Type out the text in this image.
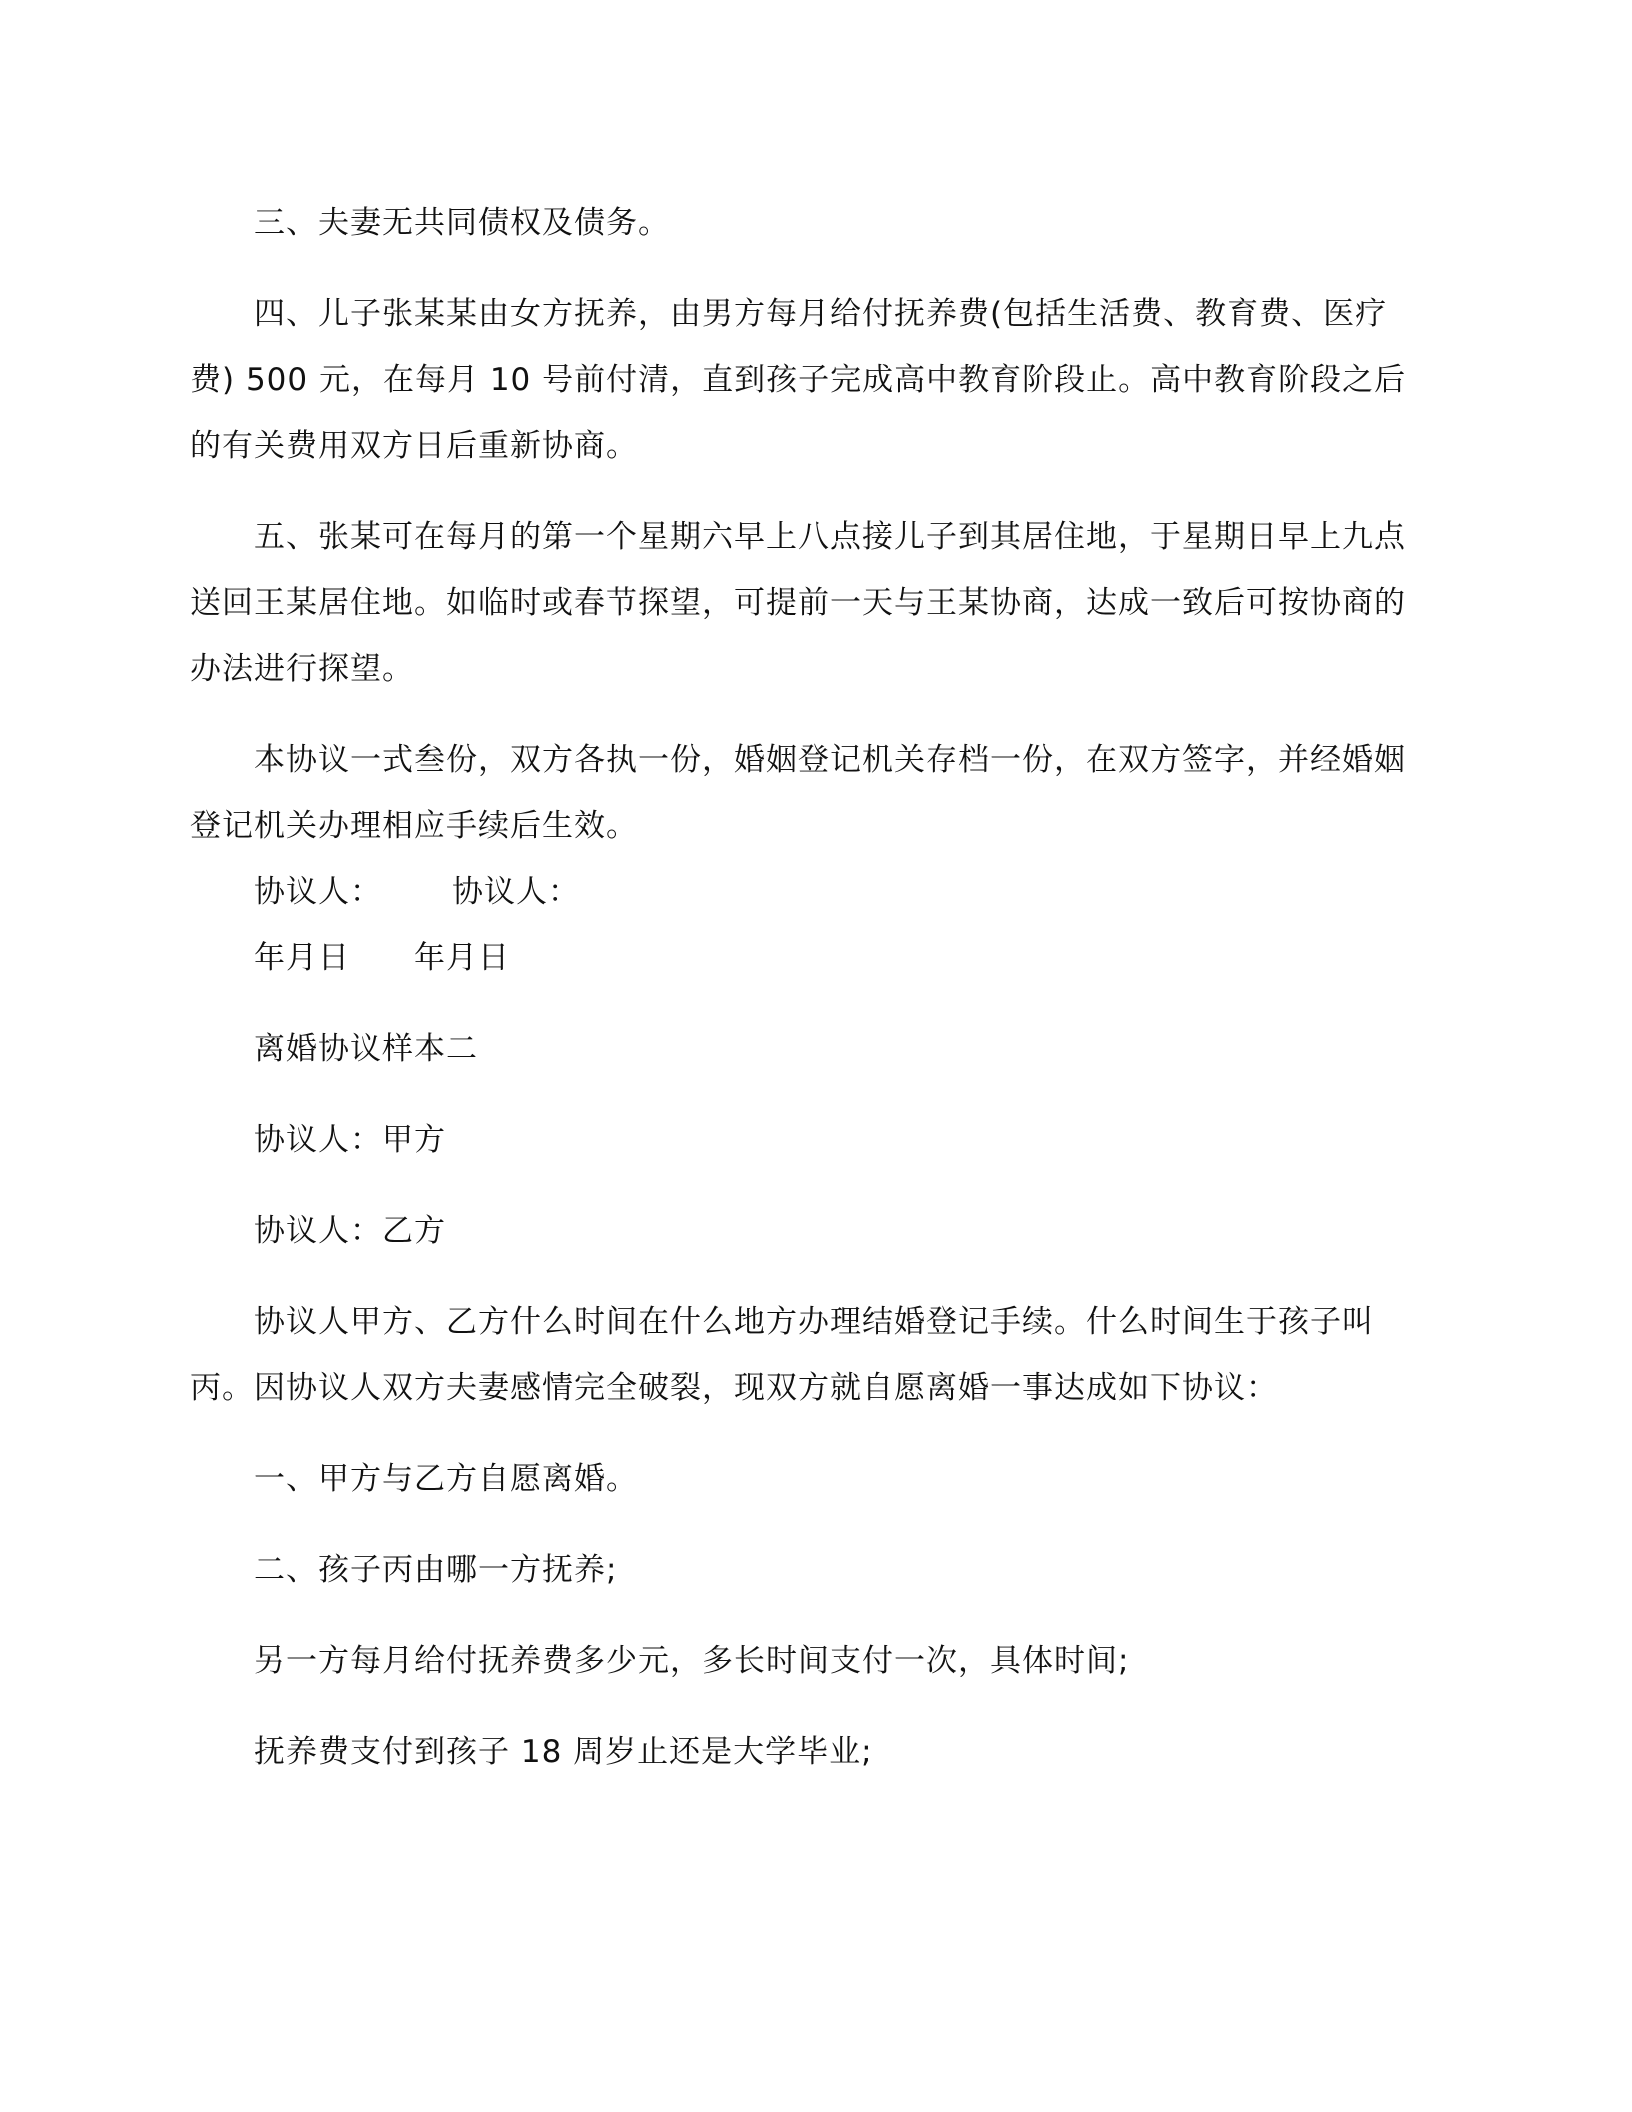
三、夫妻无共同债权及债务。

四、儿子张某某由女方抚养，由男方每月给付抚养费(包括生活费、教育费、医疗费) 500 元，在每月 10 号前付清，直到孩子完成高中教育阶段止。高中教育阶段之后的有关费用双方日后重新协商。

五、张某可在每月的第一个星期六早上八点接儿子到其居住地，于星期日早上九点送回王某居住地。如临时或春节探望，可提前一天与王某协商，达成一致后可按协商的办法进行探望。

本协议一式叁份，双方各执一份，婚姻登记机关存档一份，在双方签字，并经婚姻登记机关办理相应手续后生效。

协议人： 协议人：
年月日 年月日

离婚协议样本二

协议人：甲方

协议人：乙方

协议人甲方、乙方什么时间在什么地方办理结婚登记手续。什么时间生于孩子叫丙。因协议人双方夫妻感情完全破裂，现双方就自愿离婚一事达成如下协议：

一、甲方与乙方自愿离婚。

二、孩子丙由哪一方抚养;

另一方每月给付抚养费多少元，多长时间支付一次，具体时间;

抚养费支付到孩子 18 周岁止还是大学毕业;
